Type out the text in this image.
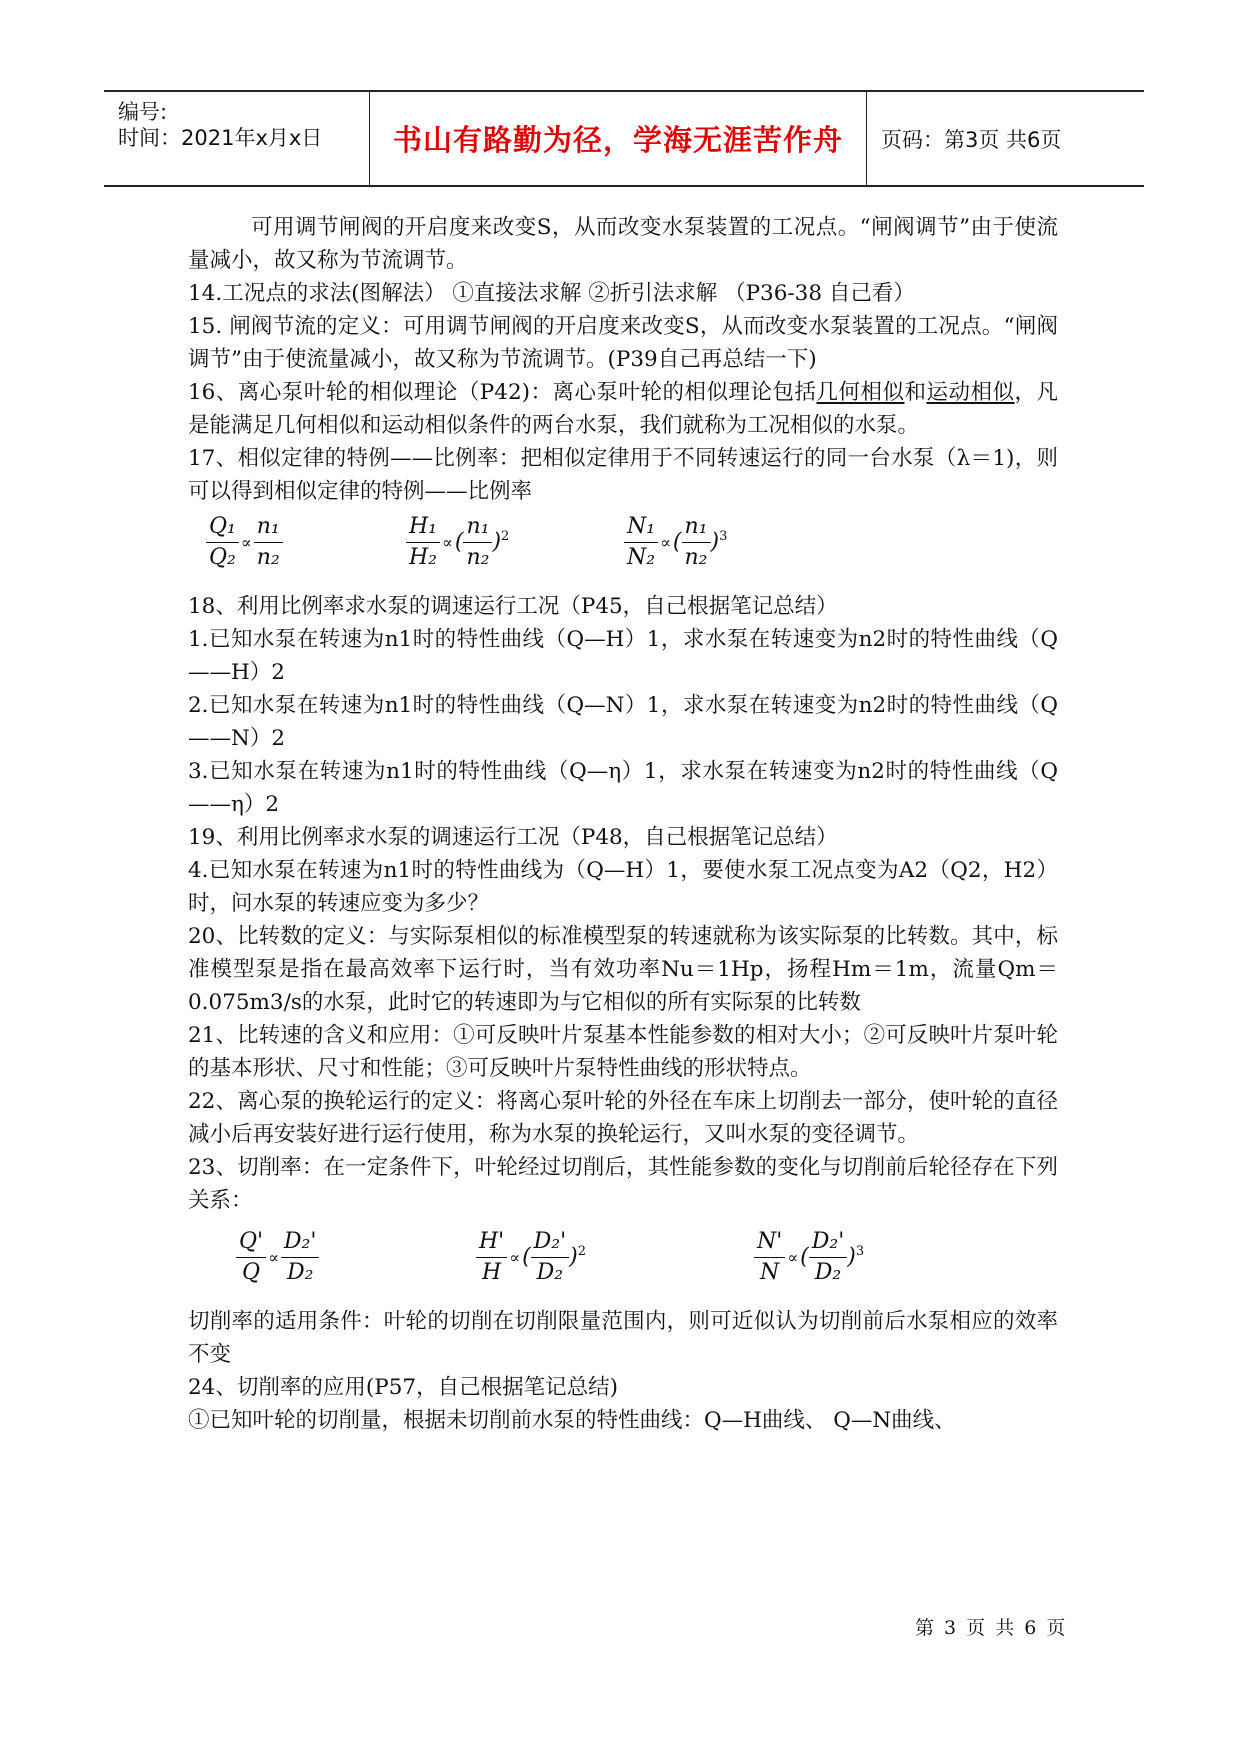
编号:
时间：2021年x月x日	书山有路勤为径，学海无涯苦作舟	页码：第3页 共6页

可用调节闸阀的开启度来改变S，从而改变水泵装置的工况点。“闸阀调节”由于使流量减小，故又称为节流调节。

14.工况点的求法(图解法） ①直接法求解 ②折引法求解 （P36-38 自己看）

15. 闸阀节流的定义：可用调节闸阀的开启度来改变S，从而改变水泵装置的工况点。“闸阀调节”由于使流量减小，故又称为节流调节。(P39自己再总结一下)

16、离心泵叶轮的相似理论（P42)：离心泵叶轮的相似理论包括几何相似和运动相似，凡是能满足几何相似和运动相似条件的两台水泵，我们就称为工况相似的水泵。

17、相似定律的特例——比例率：把相似定律用于不同转速运行的同一台水泵（λ＝1)，则可以得到相似定律的特例——比例率

$\frac{\text{Q₁}}{\text{Q₂}} \propto \frac{\text{n₁}}{\text{n₂}}$	$\frac{\text{H₁}}{\text{H₂}}$ ∝( $\frac{\text{n₁}}{\text{n₂}} )^2$	$\frac{\text{N₁}}{\text{N₂}}$ ∝( $\frac{\text{n₁}}{\text{n₂}} )^3$

18、利用比例率求水泵的调速运行工况（P45，自己根据笔记总结）

1.已知水泵在转速为n1时的特性曲线（Q—H）1，求水泵在转速变为n2时的特性曲线（Q——H）2

2.已知水泵在转速为n1时的特性曲线（Q—N）1，求水泵在转速变为n2时的特性曲线（Q——N）2

3.已知水泵在转速为n1时的特性曲线（Q—η）1，求水泵在转速变为n2时的特性曲线（Q——η）2

19、利用比例率求水泵的调速运行工况（P48，自己根据笔记总结）

4.已知水泵在转速为n1时的特性曲线为（Q—H）1，要使水泵工况点变为A2（Q2，H2）时，问水泵的转速应变为多少？

20、比转数的定义：与实际泵相似的标准模型泵的转速就称为该实际泵的比转数。其中，标准模型泵是指在最高效率下运行时，当有效功率Nu＝1Hp，扬程Hm＝1m，流量Qm＝0.075m3/s的水泵，此时它的转速即为与它相似的所有实际泵的比转数

21、比转速的含义和应用：①可反映叶片泵基本性能参数的相对大小；②可反映叶片泵叶轮的基本形状、尺寸和性能；③可反映叶片泵特性曲线的形状特点。

22、离心泵的换轮运行的定义：将离心泵叶轮的外径在车床上切削去一部分，使叶轮的直径减小后再安装好进行运行使用，称为水泵的换轮运行，又叫水泵的变径调节。

23、切削率：在一定条件下，叶轮经过切削后，其性能参数的变化与切削前后轮径存在下列关系：

$\frac{Q'}{Q} \propto \frac{\text{D₂'}}{\text{D₂}}$	$\frac{H'}{H}$ ∝( $\frac{\text{D₂'}}{\text{D₂}} )^2$	$\frac{N'}{N}$ ∝( $\frac{\text{D₂'}}{\text{D₂}} )^3$

切削率的适用条件：叶轮的切削在切削限量范围内，则可近似认为切削前后水泵相应的效率不变

24、切削率的应用(P57，自己根据笔记总结)

①已知叶轮的切削量，根据未切削前水泵的特性曲线：Q—H曲线、 Q—N曲线、

第 3 页 共 6 页
